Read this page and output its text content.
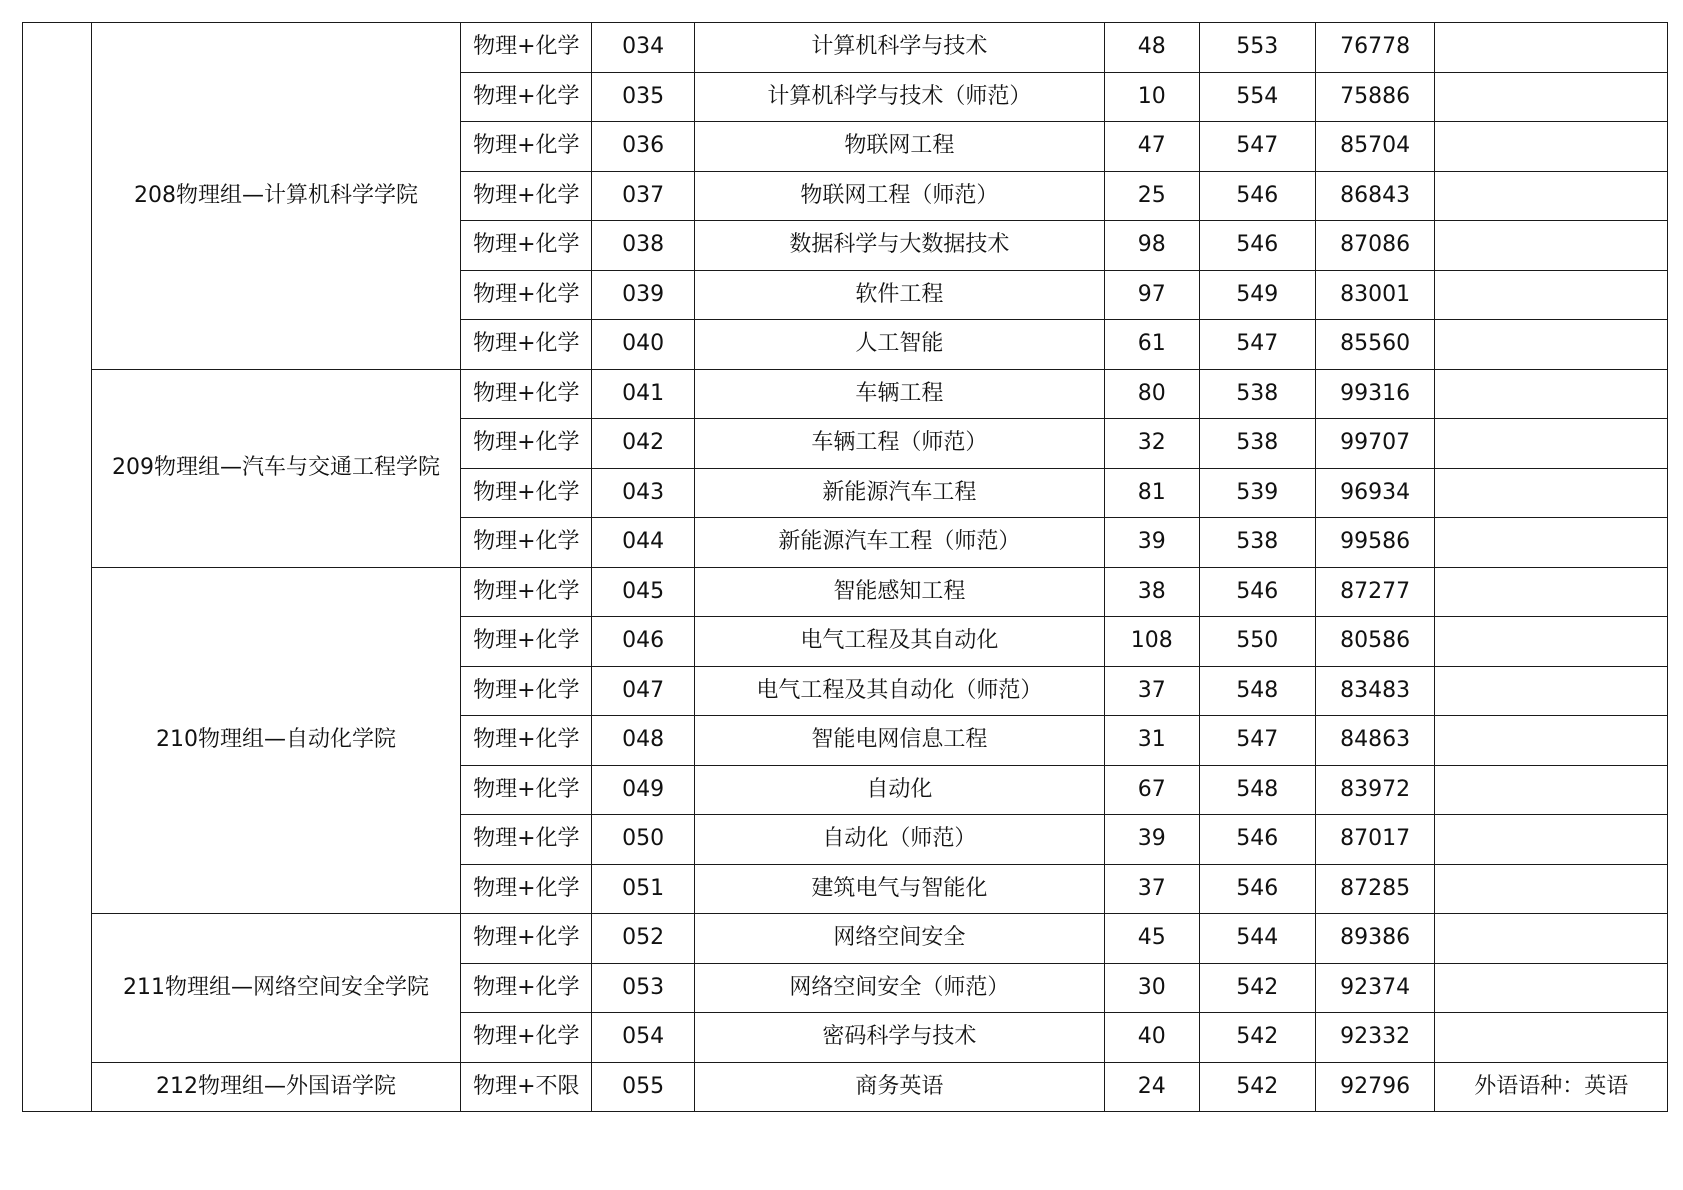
	208物理组—计算机科学学院	物理+化学	034	计算机科学与技术	48	553	76778	
		物理+化学	035	计算机科学与技术（师范）	10	554	75886	
		物理+化学	036	物联网工程	47	547	85704	
		物理+化学	037	物联网工程（师范）	25	546	86843	
		物理+化学	038	数据科学与大数据技术	98	546	87086	
		物理+化学	039	软件工程	97	549	83001	
		物理+化学	040	人工智能	61	547	85560	
	209物理组—汽车与交通工程学院	物理+化学	041	车辆工程	80	538	99316	
		物理+化学	042	车辆工程（师范）	32	538	99707	
		物理+化学	043	新能源汽车工程	81	539	96934	
		物理+化学	044	新能源汽车工程（师范）	39	538	99586	
	210物理组—自动化学院	物理+化学	045	智能感知工程	38	546	87277	
		物理+化学	046	电气工程及其自动化	108	550	80586	
		物理+化学	047	电气工程及其自动化（师范）	37	548	83483	
		物理+化学	048	智能电网信息工程	31	547	84863	
		物理+化学	049	自动化	67	548	83972	
		物理+化学	050	自动化（师范）	39	546	87017	
		物理+化学	051	建筑电气与智能化	37	546	87285	
	211物理组—网络空间安全学院	物理+化学	052	网络空间安全	45	544	89386	
		物理+化学	053	网络空间安全（师范）	30	542	92374	
		物理+化学	054	密码科学与技术	40	542	92332	
	212物理组—外国语学院	物理+不限	055	商务英语	24	542	92796	外语语种：英语
